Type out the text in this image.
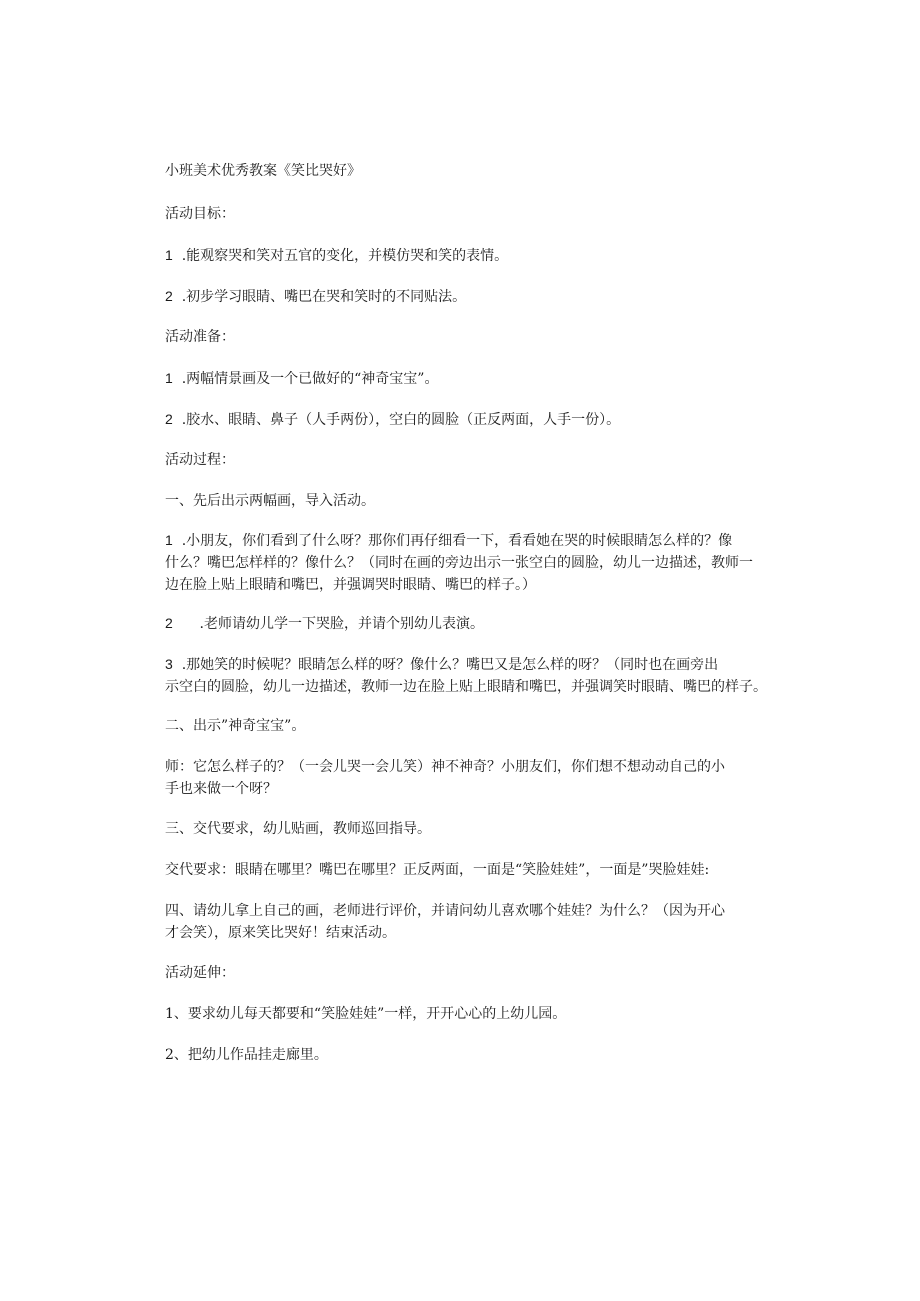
小班美术优秀教案《笑比哭好》
活动目标：
1 .能观察哭和笑对五官的变化，并模仿哭和笑的表情。
2 .初步学习眼睛、嘴巴在哭和笑时的不同贴法。
活动准备：
1 .两幅情景画及一个已做好的“神奇宝宝”。
2 .胶水、眼睛、鼻子（人手两份），空白的圆脸（正反两面，人手一份）。
活动过程：
一、先后出示两幅画，导入活动。
1 .小朋友，你们看到了什么呀？那你们再仔细看一下，看看她在哭的时候眼睛怎么样的？像
什么？嘴巴怎样样的？像什么？（同时在画的旁边出示一张空白的圆脸，幼儿一边描述，教师一
边在脸上贴上眼睛和嘴巴，并强调哭时眼睛、嘴巴的样子。）
2 .老师请幼儿学一下哭脸，并请个别幼儿表演。
3 .那她笑的时候呢？眼睛怎么样的呀？像什么？嘴巴又是怎么样的呀？（同时也在画旁出
示空白的圆脸，幼儿一边描述，教师一边在脸上贴上眼睛和嘴巴，并强调笑时眼睛、嘴巴的样子。
二、出示”神奇宝宝”。
师：它怎么样子的？（一会儿哭一会儿笑）神不神奇？小朋友们，你们想不想动动自己的小
手也来做一个呀？
三、交代要求，幼儿贴画，教师巡回指导。
交代要求：眼睛在哪里？嘴巴在哪里？正反两面，一面是“笑脸娃娃”，一面是”哭脸娃娃:
四、请幼儿拿上自己的画，老师进行评价，并请问幼儿喜欢哪个娃娃？为什么？（因为开心
才会笑），原来笑比哭好！结束活动。
活动延伸：
1、要求幼儿每天都要和“笑脸娃娃”一样，开开心心的上幼儿园。
2、把幼儿作品挂走廊里。
